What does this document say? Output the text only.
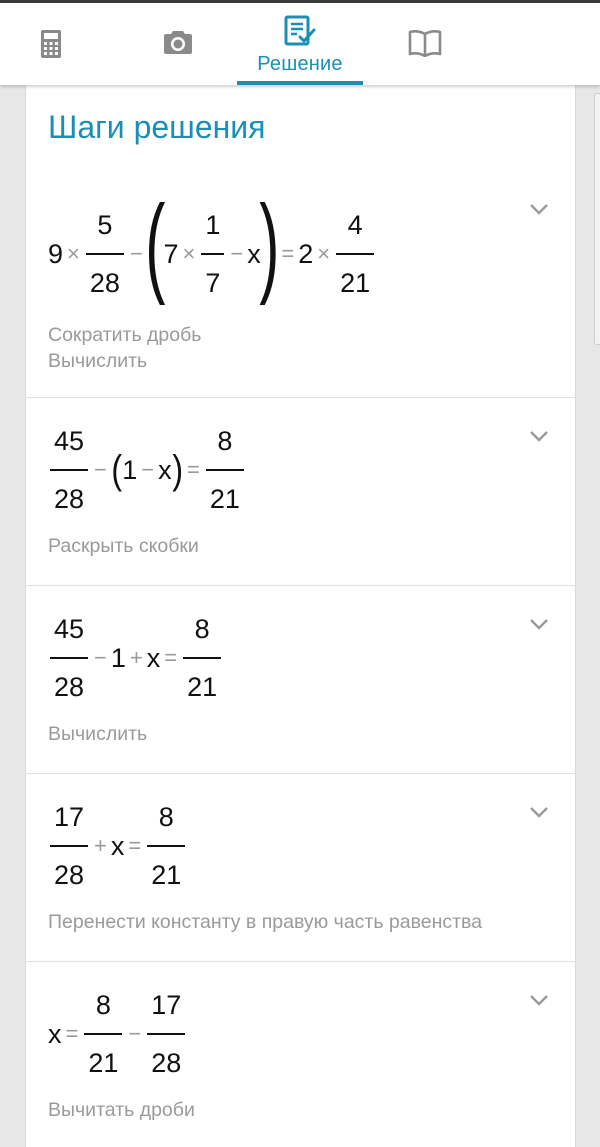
Решение
Шаги решения
$9 \times \frac{5}{28}$ − (
$7 \times \frac{1}{7} - x$
) = $2 \times \frac{4}{21}$
Сократить дробь
Вычислить
$\frac{45}{28}$ − ( 1 − x ) = $\frac{8}{21}$
Раскрыть скобки
$\frac{45}{28} - 1 + x = \frac{8}{21}$
Вычислить
$\frac{17}{28} + x = \frac{8}{21}$
Перенести константу в правую часть равенства
$x = \frac{8}{21} - \frac{17}{28}$
Вычитать дроби
